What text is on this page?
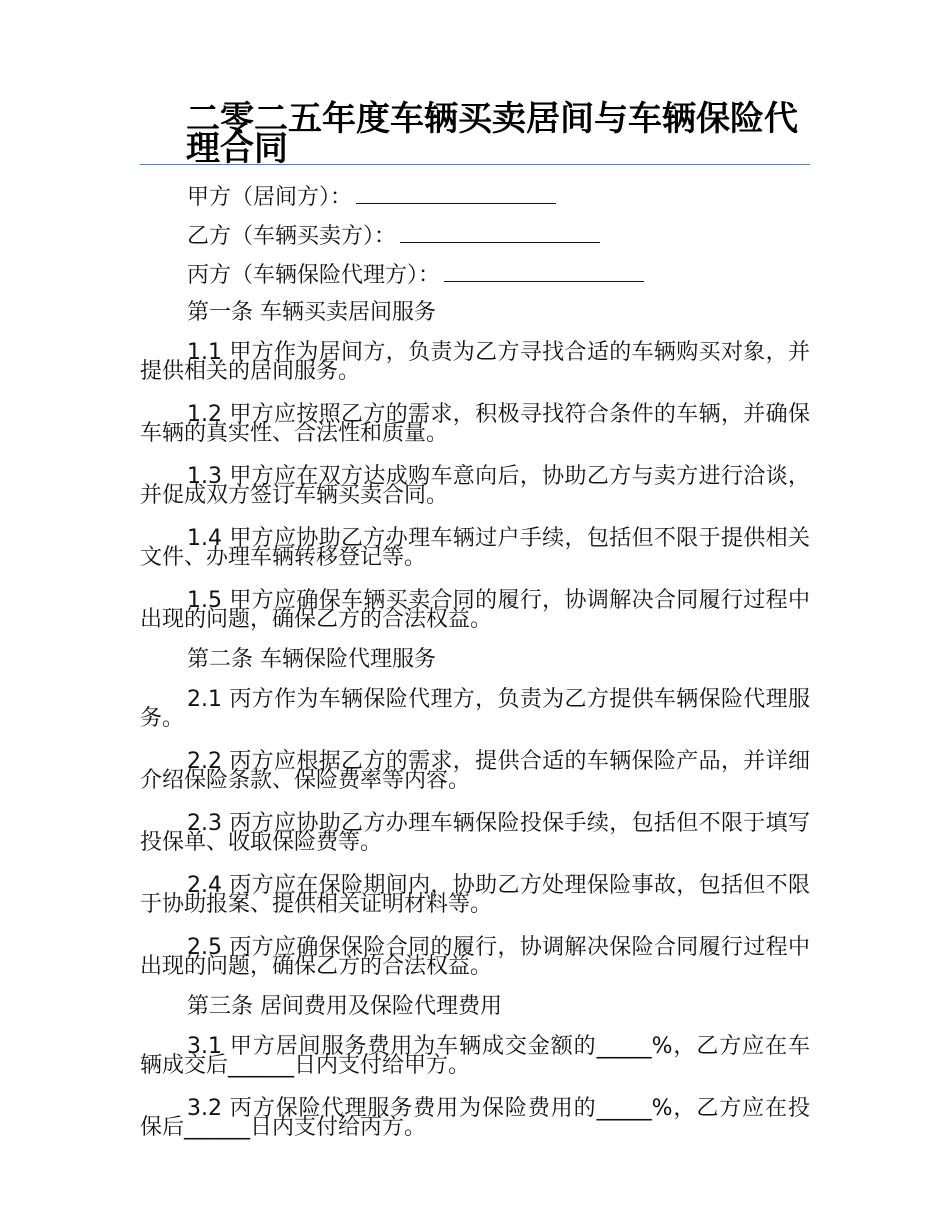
二零二五年度车辆买卖居间与车辆保险代理合同
甲方（居间方）：
乙方（车辆买卖方）：
丙方（车辆保险代理方）：
第一条 车辆买卖居间服务

1.1 甲方作为居间方，负责为乙方寻找合适的车辆购买对象，并提供相关的居间服务。

1.2 甲方应按照乙方的需求，积极寻找符合条件的车辆，并确保车辆的真实性、合法性和质量。

1.3 甲方应在双方达成购车意向后，协助乙方与卖方进行洽谈，并促成双方签订车辆买卖合同。

1.4 甲方应协助乙方办理车辆过户手续，包括但不限于提供相关文件、办理车辆转移登记等。

1.5 甲方应确保车辆买卖合同的履行，协调解决合同履行过程中出现的问题，确保乙方的合法权益。

第二条 车辆保险代理服务

2.1 丙方作为车辆保险代理方，负责为乙方提供车辆保险代理服务。

2.2 丙方应根据乙方的需求，提供合适的车辆保险产品，并详细介绍保险条款、保险费率等内容。

2.3 丙方应协助乙方办理车辆保险投保手续，包括但不限于填写投保单、收取保险费等。

2.4 丙方应在保险期间内，协助乙方处理保险事故，包括但不限于协助报案、提供相关证明材料等。

2.5 丙方应确保保险合同的履行，协调解决保险合同履行过程中出现的问题，确保乙方的合法权益。

第三条 居间费用及保险代理费用

3.1 甲方居间服务费用为车辆成交金额的_____%，乙方应在车辆成交后______日内支付给甲方。

3.2 丙方保险代理服务费用为保险费用的_____%，乙方应在投保后______日内支付给丙方。
